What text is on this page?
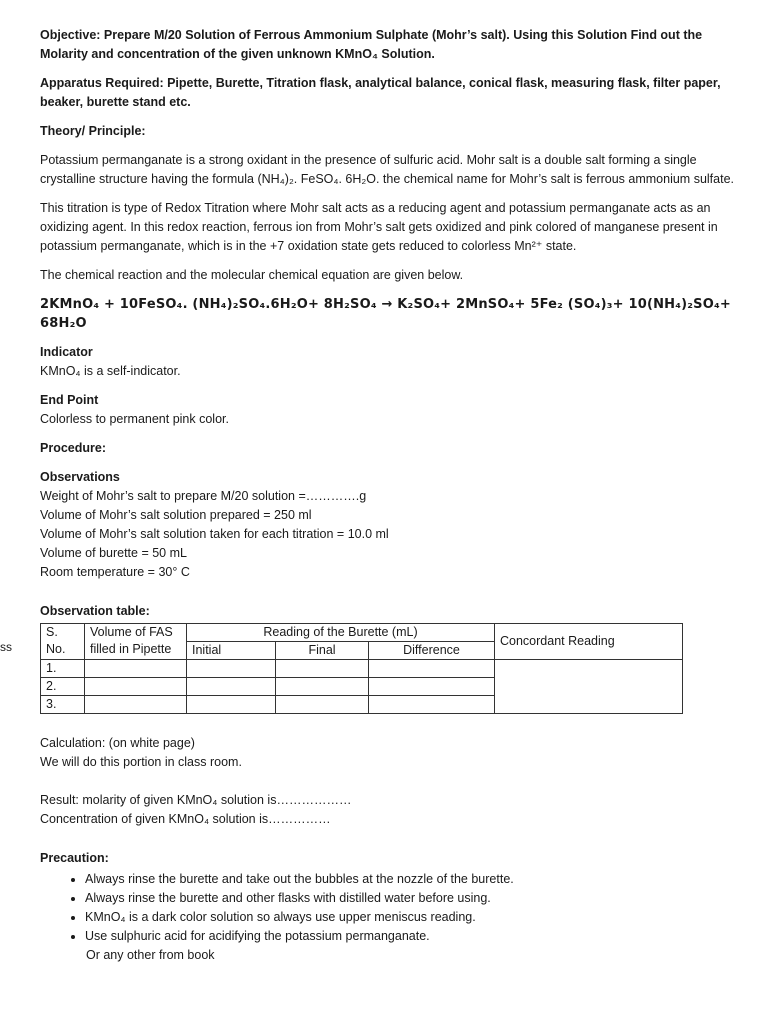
ss

Objective: Prepare M/20 Solution of Ferrous Ammonium Sulphate (Mohr’s salt). Using this Solution Find out the Molarity and concentration of the given unknown KMnO₄ Solution.

Apparatus Required: Pipette, Burette, Titration flask, analytical balance, conical flask, measuring flask, filter paper, beaker, burette stand etc.

Theory/ Principle:

Potassium permanganate is a strong oxidant in the presence of sulfuric acid. Mohr salt is a double salt forming a single crystalline structure having the formula (NH₄)₂. FeSO₄. 6H₂O. the chemical name for Mohr’s salt is ferrous ammonium sulfate.

This titration is type of Redox Titration where Mohr salt acts as a reducing agent and potassium permanganate acts as an oxidizing agent. In this redox reaction, ferrous ion from Mohr’s salt gets oxidized and pink colored of manganese present in potassium permanganate, which is in the +7 oxidation state gets reduced to colorless Mn²⁺ state.

The chemical reaction and the molecular chemical equation are given below.

2KMnO₄ + 10FeSO₄. (NH₄)₂SO₄.6H₂O+ 8H₂SO₄ → K₂SO₄+ 2MnSO₄+ 5Fe₂ (SO₄)₃+ 10(NH₄)₂SO₄+ 68H₂O

Indicator

KMnO₄ is a self-indicator.

End Point

Colorless to permanent pink color.

Procedure:

Observations

Weight of Mohr’s salt to prepare M/20 solution =………….g

Volume of Mohr’s salt solution prepared = 250 ml

Volume of Mohr’s salt solution taken for each titration = 10.0 ml

Volume of burette = 50 mL

Room temperature = 30° C

Observation table:

S. No.	Volume of FAS filled in Pipette	Reading of the Burette (mL)			Concordant Reading
		Initial	Final	Difference	
1.					
2.					
3.					

Calculation: (on white page)

We will do this portion in class room.

Result: molarity of given KMnO₄ solution is………………

Concentration of given KMnO₄ solution is……………

Precaution:

• Always rinse the burette and take out the bubbles at the nozzle of the burette.
• Always rinse the burette and other flasks with distilled water before using.
• KMnO₄ is a dark color solution so always use upper meniscus reading.
• Use sulphuric acid for acidifying the potassium permanganate.
Or any other from book
